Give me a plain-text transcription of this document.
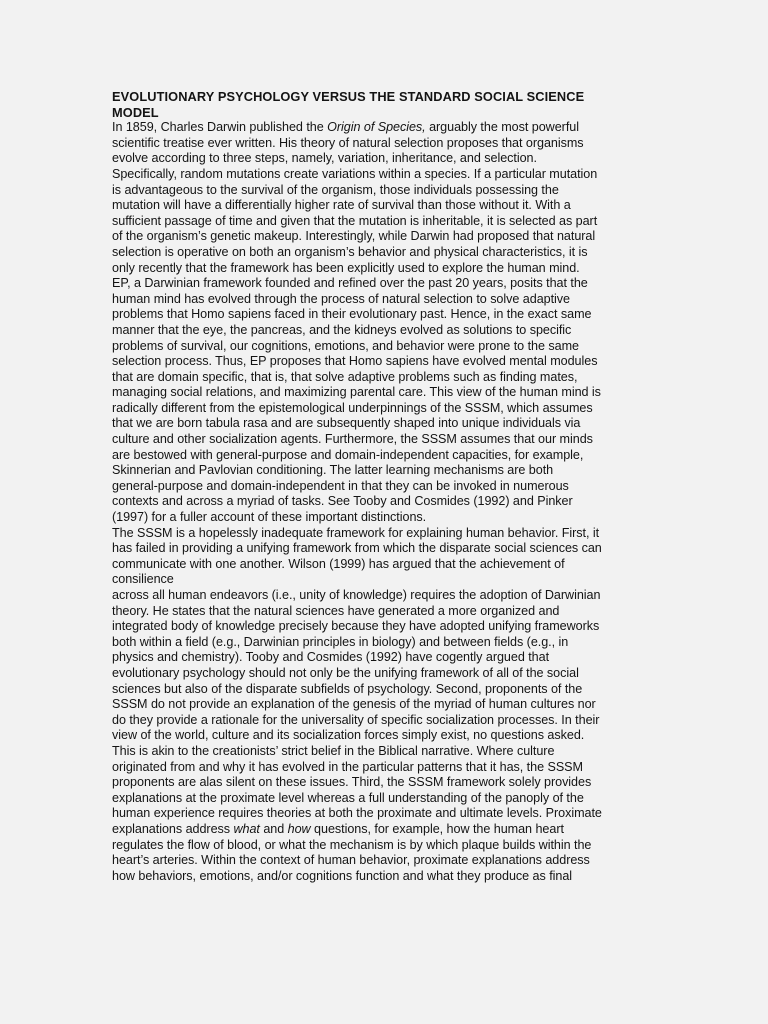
EVOLUTIONARY PSYCHOLOGY VERSUS THE STANDARD SOCIAL SCIENCE

MODEL

In 1859, Charles Darwin published the Origin of Species, arguably the most powerful
scientific treatise ever written. His theory of natural selection proposes that organisms
evolve according to three steps, namely, variation, inheritance, and selection.
Specifically, random mutations create variations within a species. If a particular mutation
is advantageous to the survival of the organism, those individuals possessing the
mutation will have a differentially higher rate of survival than those without it. With a
sufficient passage of time and given that the mutation is inheritable, it is selected as part
of the organism’s genetic makeup. Interestingly, while Darwin had proposed that natural
selection is operative on both an organism’s behavior and physical characteristics, it is
only recently that the framework has been explicitly used to explore the human mind.
EP, a Darwinian framework founded and refined over the past 20 years, posits that the
human mind has evolved through the process of natural selection to solve adaptive
problems that Homo sapiens faced in their evolutionary past. Hence, in the exact same
manner that the eye, the pancreas, and the kidneys evolved as solutions to specific
problems of survival, our cognitions, emotions, and behavior were prone to the same
selection process. Thus, EP proposes that Homo sapiens have evolved mental modules
that are domain specific, that is, that solve adaptive problems such as finding mates,
managing social relations, and maximizing parental care. This view of the human mind is
radically different from the epistemological underpinnings of the SSSM, which assumes
that we are born tabula rasa and are subsequently shaped into unique individuals via
culture and other socialization agents. Furthermore, the SSSM assumes that our minds
are bestowed with general-purpose and domain-independent capacities, for example,
Skinnerian and Pavlovian conditioning. The latter learning mechanisms are both
general-purpose and domain-independent in that they can be invoked in numerous
contexts and across a myriad of tasks. See Tooby and Cosmides (1992) and Pinker
(1997) for a fuller account of these important distinctions.
The SSSM is a hopelessly inadequate framework for explaining human behavior. First, it
has failed in providing a unifying framework from which the disparate social sciences can
communicate with one another. Wilson (1999) has argued that the achievement of
consilience
across all human endeavors (i.e., unity of knowledge) requires the adoption of Darwinian
theory. He states that the natural sciences have generated a more organized and
integrated body of knowledge precisely because they have adopted unifying frameworks
both within a field (e.g., Darwinian principles in biology) and between fields (e.g., in
physics and chemistry). Tooby and Cosmides (1992) have cogently argued that
evolutionary psychology should not only be the unifying framework of all of the social
sciences but also of the disparate subfields of psychology. Second, proponents of the
SSSM do not provide an explanation of the genesis of the myriad of human cultures nor
do they provide a rationale for the universality of specific socialization processes. In their
view of the world, culture and its socialization forces simply exist, no questions asked.
This is akin to the creationists’ strict belief in the Biblical narrative. Where culture
originated from and why it has evolved in the particular patterns that it has, the SSSM
proponents are alas silent on these issues. Third, the SSSM framework solely provides
explanations at the proximate level whereas a full understanding of the panoply of the
human experience requires theories at both the proximate and ultimate levels. Proximate
explanations address what and how questions, for example, how the human heart
regulates the flow of blood, or what the mechanism is by which plaque builds within the
heart’s arteries. Within the context of human behavior, proximate explanations address
how behaviors, emotions, and/or cognitions function and what they produce as final
